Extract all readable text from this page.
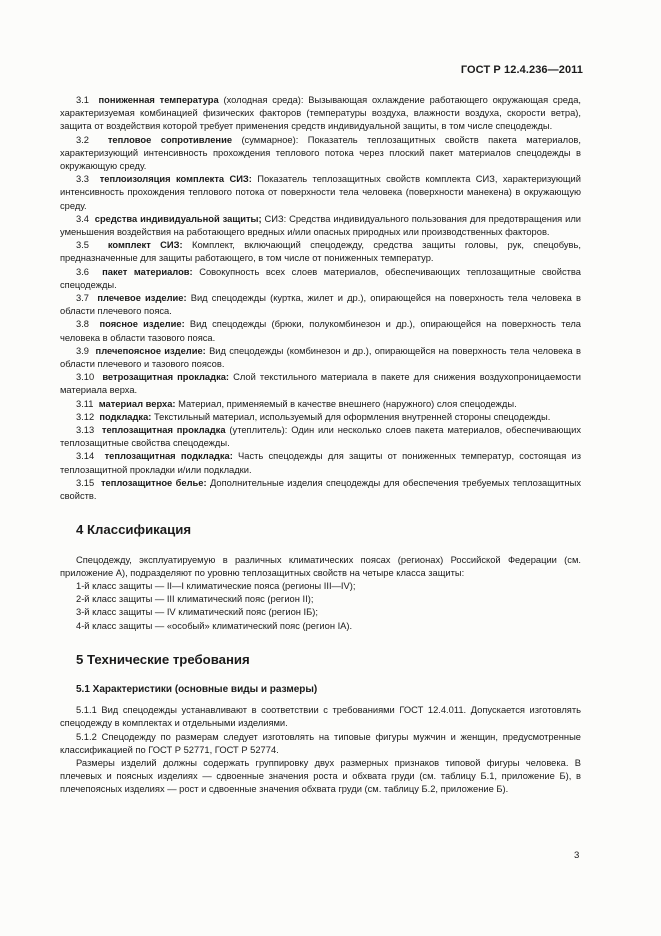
ГОСТ Р 12.4.236—2011

3.1 пониженная температура (холодная среда): Вызывающая охлаждение работающего окружающая среда, характеризуемая комбинацией физических факторов (температуры воздуха, влажности воздуха, скорости ветра), защита от воздействия которой требует применения средств индивидуальной защиты, в том числе спецодежды.

3.2 тепловое сопротивление (суммарное): Показатель теплозащитных свойств пакета материалов, характеризующий интенсивность прохождения теплового потока через плоский пакет материалов спецодежды в окружающую среду.

3.3 теплоизоляция комплекта СИЗ: Показатель теплозащитных свойств комплекта СИЗ, характеризующий интенсивность прохождения теплового потока от поверхности тела человека (поверхности манекена) в окружающую среду.

3.4 средства индивидуальной защиты; СИЗ: Средства индивидуального пользования для предотвращения или уменьшения воздействия на работающего вредных и/или опасных природных или производственных факторов.

3.5 комплект СИЗ: Комплект, включающий спецодежду, средства защиты головы, рук, спецобувь, предназначенные для защиты работающего, в том числе от пониженных температур.

3.6 пакет материалов: Совокупность всех слоев материалов, обеспечивающих теплозащитные свойства спецодежды.

3.7 плечевое изделие: Вид спецодежды (куртка, жилет и др.), опирающейся на поверхность тела человека в области плечевого пояса.

3.8 поясное изделие: Вид спецодежды (брюки, полукомбинезон и др.), опирающейся на поверхность тела человека в области тазового пояса.

3.9 плечепоясное изделие: Вид спецодежды (комбинезон и др.), опирающейся на поверхность тела человека в области плечевого и тазового поясов.

3.10 ветрозащитная прокладка: Слой текстильного материала в пакете для снижения воздухопроницаемости материала верха.

3.11 материал верха: Материал, применяемый в качестве внешнего (наружного) слоя спецодежды.

3.12 подкладка: Текстильный материал, используемый для оформления внутренней стороны спецодежды.

3.13 теплозащитная прокладка (утеплитель): Один или несколько слоев пакета материалов, обеспечивающих теплозащитные свойства спецодежды.

3.14 теплозащитная подкладка: Часть спецодежды для защиты от пониженных температур, состоящая из теплозащитной прокладки и/или подкладки.

3.15 теплозащитное белье: Дополнительные изделия спецодежды для обеспечения требуемых теплозащитных свойств.

4 Классификация

Спецодежду, эксплуатируемую в различных климатических поясах (регионах) Российской Федерации (см. приложение А), подразделяют по уровню теплозащитных свойств на четыре класса защиты:

1-й класс защиты — II—I климатические пояса (регионы III—IV);

2-й класс защиты — III климатический пояс (регион II);

3-й класс защиты — IV климатический пояс (регион IБ);

4-й класс защиты — «особый» климатический пояс (регион IA).

5 Технические требования
5.1 Характеристики (основные виды и размеры)

5.1.1 Вид спецодежды устанавливают в соответствии с требованиями ГОСТ 12.4.011. Допускается изготовлять спецодежду в комплектах и отдельными изделиями.

5.1.2 Спецодежду по размерам следует изготовлять на типовые фигуры мужчин и женщин, предусмотренные классификацией по ГОСТ Р 52771, ГОСТ Р 52774.

Размеры изделий должны содержать группировку двух размерных признаков типовой фигуры человека. В плечевых и поясных изделиях — сдвоенные значения роста и обхвата груди (см. таблицу Б.1, приложение Б), в плечепоясных изделиях — рост и сдвоенные значения обхвата груди (см. таблицу Б.2, приложение Б).

3
